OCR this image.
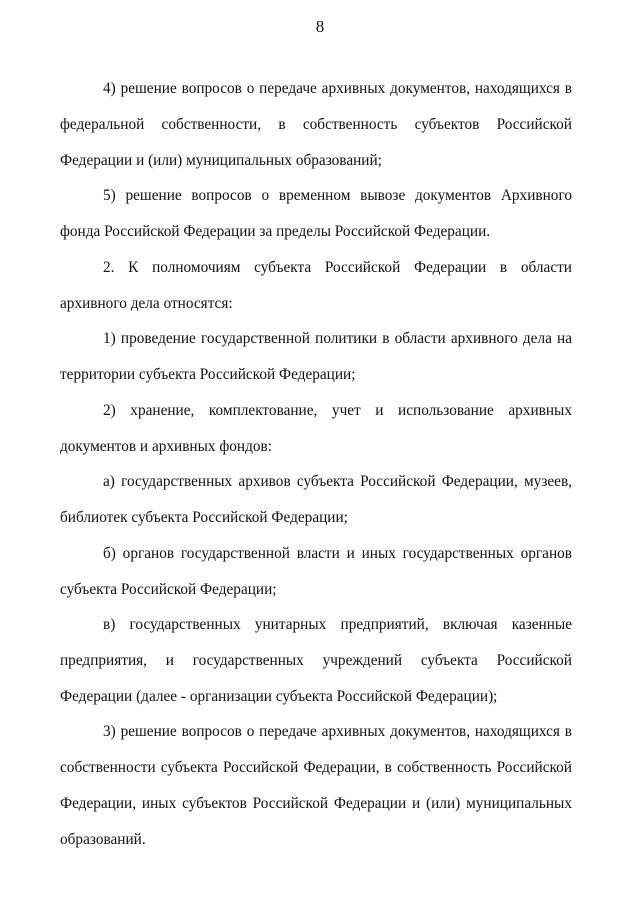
8
4) решение вопросов о передаче архивных документов, находящихся в
федеральной собственности, в собственность субъектов Российской
Федерации и (или) муниципальных образований;
5) решение вопросов о временном вывозе документов Архивного
фонда Российской Федерации за пределы Российской Федерации.
2. К полномочиям субъекта Российской Федерации в области
архивного дела относятся:
1) проведение государственной политики в области архивного дела на
территории субъекта Российской Федерации;
2) хранение, комплектование, учет и использование архивных
документов и архивных фондов:
а) государственных архивов субъекта Российской Федерации, музеев,
библиотек субъекта Российской Федерации;
б) органов государственной власти и иных государственных органов
субъекта Российской Федерации;
в) государственных унитарных предприятий, включая казенные
предприятия, и государственных учреждений субъекта Российской
Федерации (далее - организации субъекта Российской Федерации);
3) решение вопросов о передаче архивных документов, находящихся в
собственности субъекта Российской Федерации, в собственность Российской
Федерации, иных субъектов Российской Федерации и (или) муниципальных
образований.
